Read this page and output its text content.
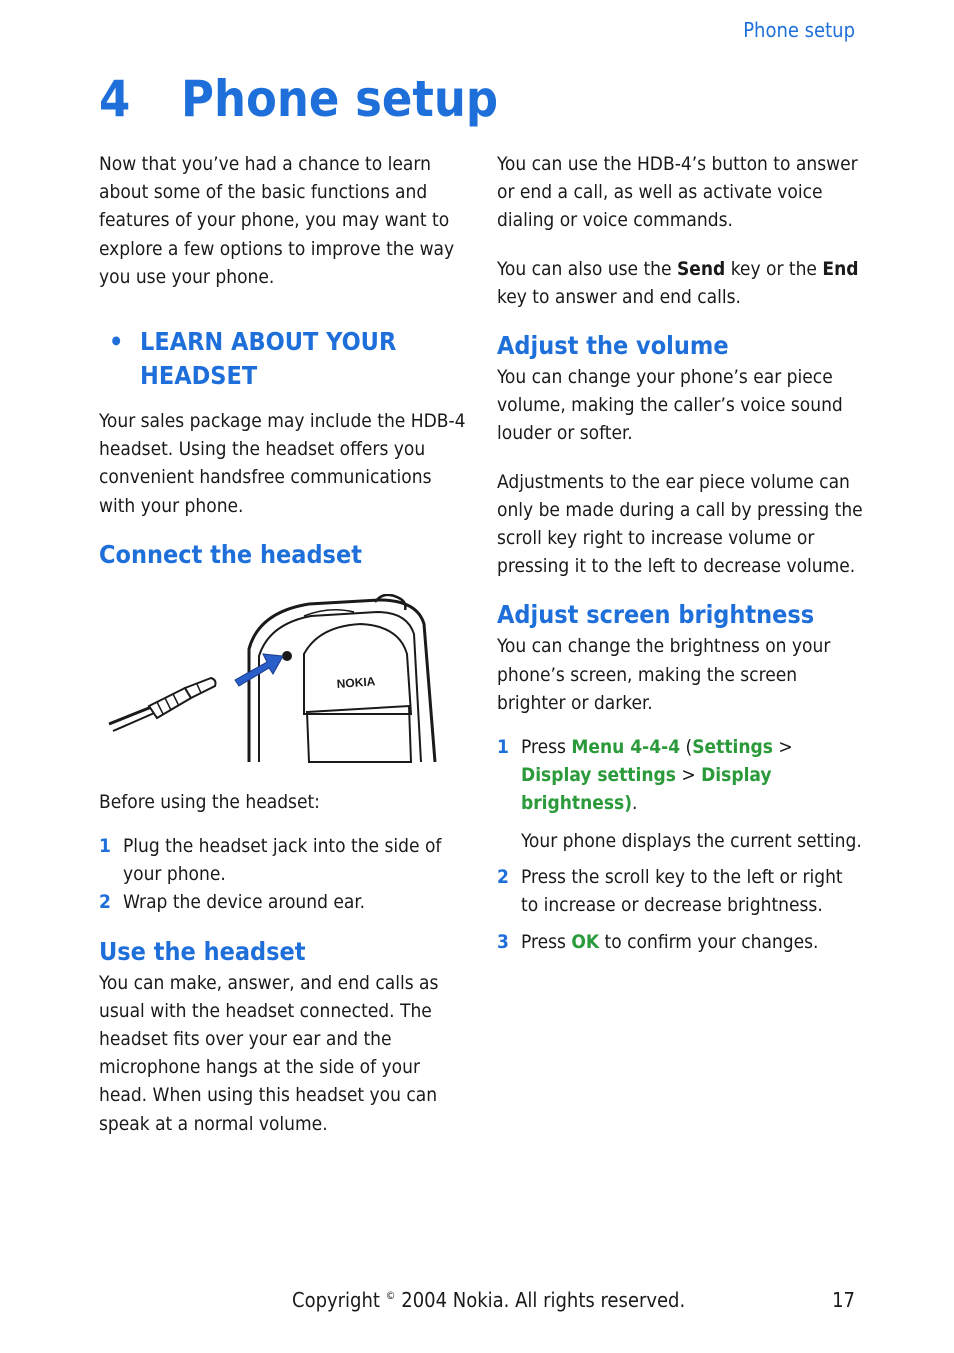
Phone setup
4 Phone setup

Now that you’ve had a chance to learn about some of the basic functions and features of your phone, you may want to explore a few options to improve the way you use your phone.

• LEARN ABOUT YOUR HEADSET

Your sales package may include the HDB-4 headset. Using the headset offers you convenient handsfree communications with your phone.

Connect the headset
NOKIA

Before using the headset:

1 Plug the headset jack into the side of your phone.
2 Wrap the device around ear.
Use the headset

You can make, answer, and end calls as usual with the headset connected. The headset fits over your ear and the microphone hangs at the side of your head. When using this headset you can speak at a normal volume.

You can use the HDB-4’s button to answer or end a call, as well as activate voice dialing or voice commands.

You can also use the Send key or the End key to answer and end calls.

Adjust the volume

You can change your phone’s ear piece volume, making the caller’s voice sound louder or softer.

Adjustments to the ear piece volume can only be made during a call by pressing the scroll key right to increase volume or pressing it to the left to decrease volume.

Adjust screen brightness

You can change the brightness on your phone’s screen, making the screen brighter or darker.

1 Press Menu 4-4-4 (Settings > Display settings > Display brightness).
Your phone displays the current setting.
2 Press the scroll key to the left or right to increase or decrease brightness.
3 Press OK to confirm your changes.
Copyright © 2004 Nokia. All rights reserved.	17
